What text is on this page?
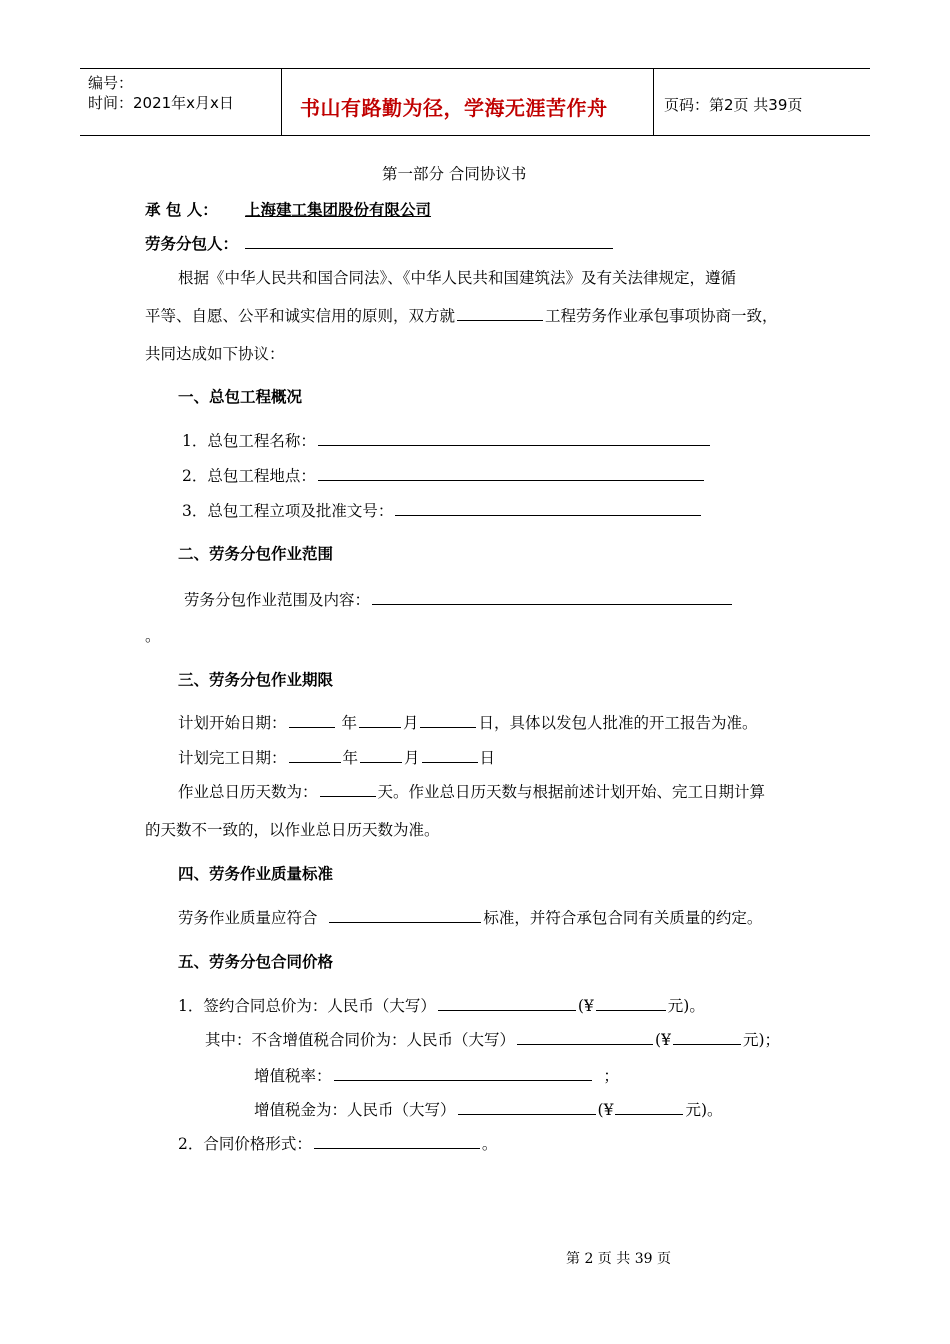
编号：
时间：2021年x月x日	书山有路勤为径，学海无涯苦作舟	页码：第2页 共39页
第一部分 合同协议书
承 包 人： 上海建工集团股份有限公司
劳务分包人：
根据《中华人民共和国合同法》、《中华人民共和国建筑法》及有关法律规定，遵循
平等、自愿、公平和诚实信用的原则，双方就	工程劳务作业承包事项协商一致，
共同达成如下协议：
一、总包工程概况
1．总包工程名称：
2．总包工程地点：
3．总包工程立项及批准文号：
二、劳务分包作业范围
劳务分包作业范围及内容：
。
三、劳务分包作业期限
计划开始日期：	年	月	日，具体以发包人批准的开工报告为准。
计划完工日期：	年	月	日
作业总日历天数为：	天。作业总日历天数与根据前述计划开始、完工日期计算
的天数不一致的，以作业总日历天数为准。
四、劳务作业质量标准
劳务作业质量应符合	标准，并符合承包合同有关质量的约定。
五、劳务分包合同价格
1．签约合同总价为：人民币（大写）	(¥	元)。
其中：不含增值税合同价为：人民币（大写）	(¥	元)；
增值税率：	；
增值税金为：人民币（大写）	(¥	元)。
2．合同价格形式：	。
第 2 页 共 39 页
